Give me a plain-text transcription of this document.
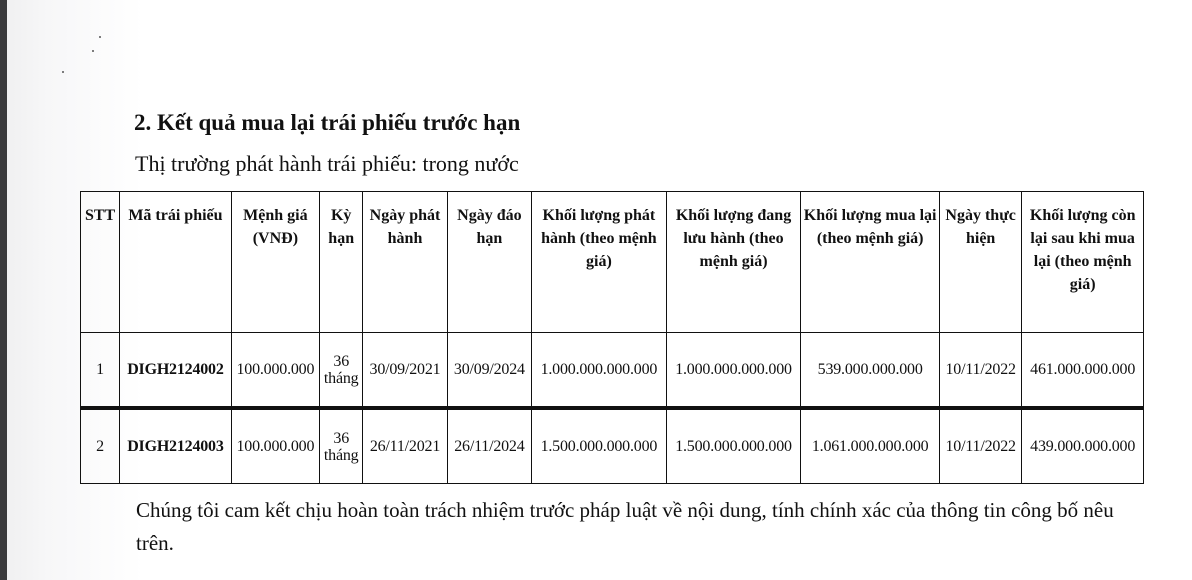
2. Kết quả mua lại trái phiếu trước hạn
Thị trường phát hành trái phiếu: trong nước
STT	Mã trái phiếu	Mệnh giá (VNĐ)	Kỳ hạn	Ngày phát hành	Ngày đáo hạn	Khối lượng phát hành (theo mệnh giá)	Khối lượng đang lưu hành (theo mệnh giá)	Khối lượng mua lại (theo mệnh giá)	Ngày thực hiện	Khối lượng còn lại sau khi mua lại (theo mệnh giá)
1	DIGH2124002	100.000.000	36 tháng	30/09/2021	30/09/2024	1.000.000.000.000	1.000.000.000.000	539.000.000.000	10/11/2022	461.000.000.000
2	DIGH2124003	100.000.000	36 tháng	26/11/2021	26/11/2024	1.500.000.000.000	1.500.000.000.000	1.061.000.000.000	10/11/2022	439.000.000.000
Chúng tôi cam kết chịu hoàn toàn trách nhiệm trước pháp luật về nội dung, tính chính xác của thông tin công bố nêu trên.
